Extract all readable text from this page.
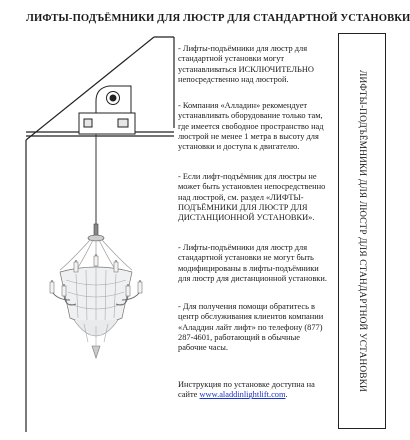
ЛИФТЫ-ПОДЪЁМНИКИ ДЛЯ ЛЮСТР ДЛЯ СТАНДАРТНОЙ УСТАНОВКИ

- Лифты-подъёмники для люстр для стандартной установки могут устанавливаться ИСКЛЮЧИТЕЛЬНО непосредственно над люстрой.

- Компания «Алладин» рекомендует устанавливать оборудование только там, где имеется свободное пространство над люстрой не менее 1 метра в высоту для установки и доступа к двигателю.

- Если лифт-подъёмник для люстры не может быть установлен непосредственно над люстрой, см. раздел «ЛИФТЫ-ПОДЪЁМНИКИ ДЛЯ ЛЮСТР ДЛЯ ДИСТАНЦИОННОЙ УСТАНОВКИ».

- Лифты-подъёмники для люстр для стандартной установки не могут быть модифицированы в лифты-подъёмники для люстр для дистанционной установки.

- Для получения помощи обратитесь в центр обслуживания клиентов компании «Аладдин лайт лифт» по телефону (877) 287-4601, работающий в обычные рабочие часы.

Инструкция по установке доступна на сайте www.aladdinlightlift.com.

ЛИФТЫ-ПОДЪЁМНИКИ ДЛЯ ЛЮСТР ДЛЯ СТАНДАРТНОЙ УСТАНОВКИ
